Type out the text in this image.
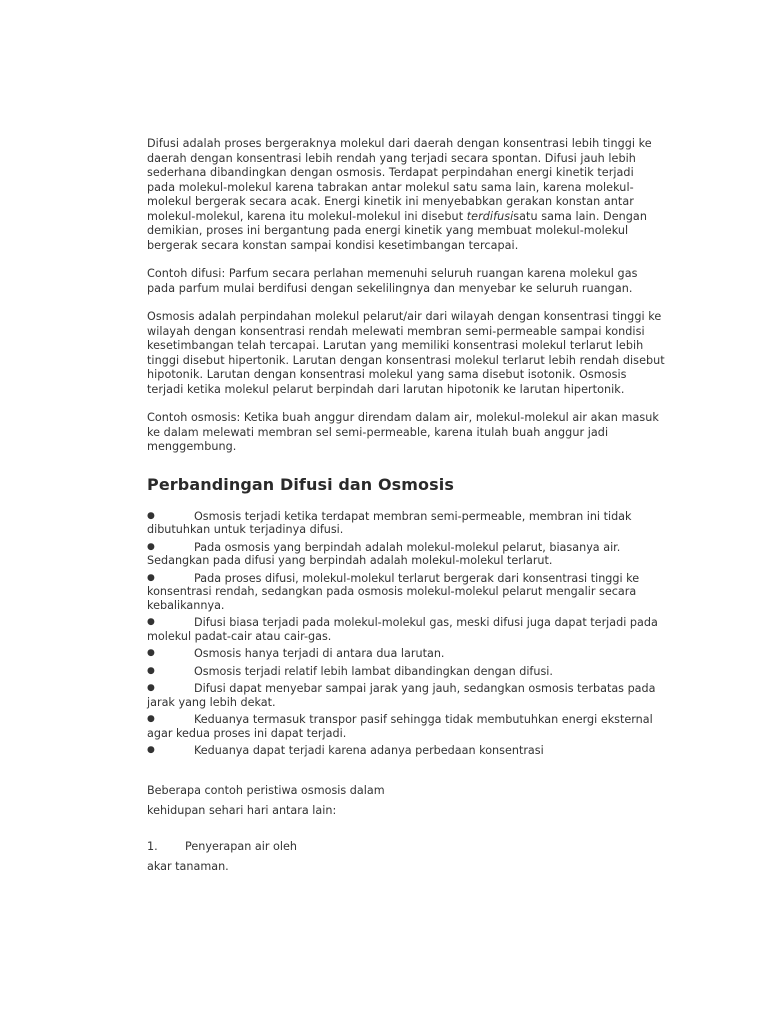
Difusi adalah proses bergeraknya molekul dari daerah dengan konsentrasi lebih tinggi ke daerah dengan konsentrasi lebih rendah yang terjadi secara spontan. Difusi jauh lebih sederhana dibandingkan dengan osmosis. Terdapat perpindahan energi kinetik terjadi pada molekul-molekul karena tabrakan antar molekul satu sama lain, karena molekul-molekul bergerak secara acak. Energi kinetik ini menyebabkan gerakan konstan antar molekul-molekul, karena itu molekul-molekul ini disebut terdifusisatu sama lain. Dengan demikian, proses ini bergantung pada energi kinetik yang membuat molekul-molekul bergerak secara konstan sampai kondisi kesetimbangan tercapai.

Contoh difusi: Parfum secara perlahan memenuhi seluruh ruangan karena molekul gas pada parfum mulai berdifusi dengan sekelilingnya dan menyebar ke seluruh ruangan.

Osmosis adalah perpindahan molekul pelarut/air dari wilayah dengan konsentrasi tinggi ke wilayah dengan konsentrasi rendah melewati membran semi-permeable sampai kondisi kesetimbangan telah tercapai. Larutan yang memiliki konsentrasi molekul terlarut lebih tinggi disebut hipertonik. Larutan dengan konsentrasi molekul terlarut lebih rendah disebut hipotonik. Larutan dengan konsentrasi molekul yang sama disebut isotonik. Osmosis terjadi ketika molekul pelarut berpindah dari larutan hipotonik ke larutan hipertonik.

Contoh osmosis: Ketika buah anggur direndam dalam air, molekul-molekul air akan masuk ke dalam melewati membran sel semi-permeable, karena itulah buah anggur jadi menggembung.

Perbandingan Difusi dan Osmosis
●	Osmosis terjadi ketika terdapat membran semi-permeable, membran ini tidak dibutuhkan untuk terjadinya difusi.
●	Pada osmosis yang berpindah adalah molekul-molekul pelarut, biasanya air. Sedangkan pada difusi yang berpindah adalah molekul-molekul terlarut.
●	Pada proses difusi, molekul-molekul terlarut bergerak dari konsentrasi tinggi ke konsentrasi rendah, sedangkan pada osmosis molekul-molekul pelarut mengalir secara kebalikannya.
●	Difusi biasa terjadi pada molekul-molekul gas, meski difusi juga dapat terjadi pada molekul padat-cair atau cair-gas.
●	Osmosis hanya terjadi di antara dua larutan.
●	Osmosis terjadi relatif lebih lambat dibandingkan dengan difusi.
●	Difusi dapat menyebar sampai jarak yang jauh, sedangkan osmosis terbatas pada jarak yang lebih dekat.
●	Keduanya termasuk transpor pasif sehingga tidak membutuhkan energi eksternal agar kedua proses ini dapat terjadi.
●	Keduanya dapat terjadi karena adanya perbedaan konsentrasi
Beberapa contoh peristiwa osmosis dalam
kehidupan sehari hari antara lain:
1. Penyerapan air oleh
akar tanaman.
